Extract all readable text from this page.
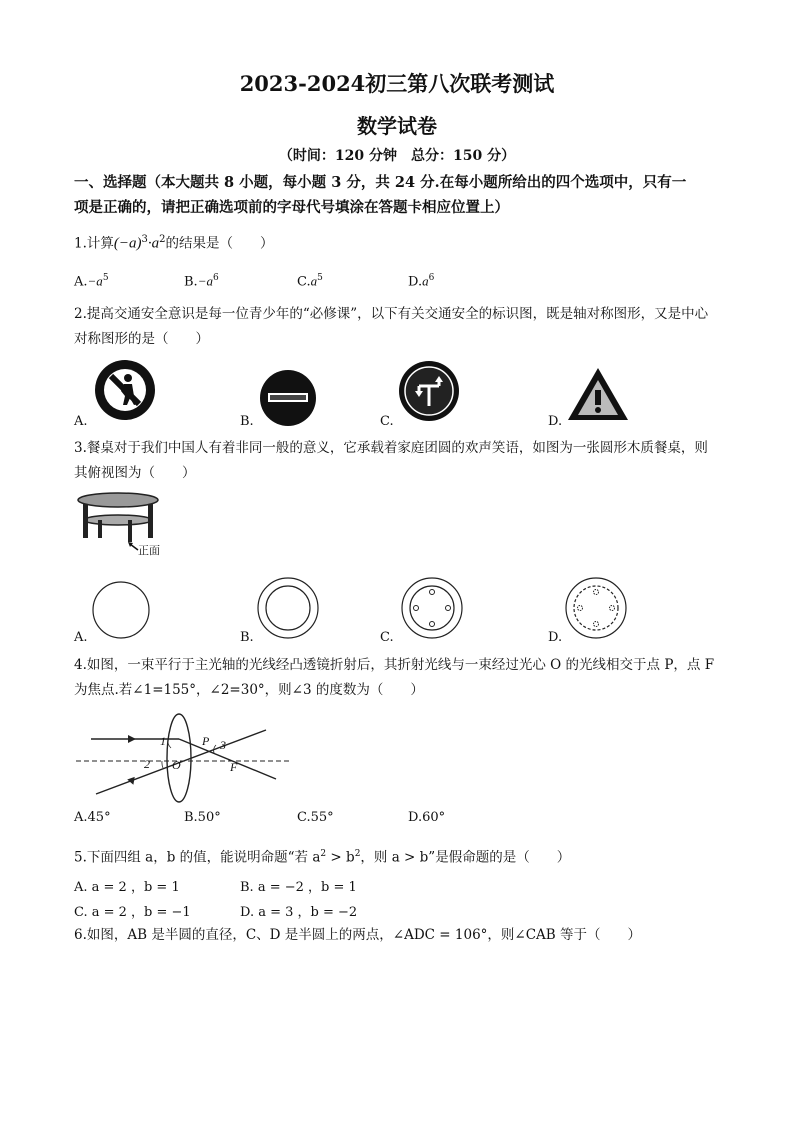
2023-2024初三第八次联考测试
数学试卷
（时间：120 分钟　总分：150 分）
一、选择题（本大题共 8 小题，每小题 3 分，共 24 分.在每小题所给出的四个选项中，只有一
项是正确的，请把正确选项前的字母代号填涂在答题卡相应位置上）
1.计算$(-a)^3\cdot a^2$的结果是（　　）
$A.-a^5$	$B.-a^6$	$C.a^5$	$D.a^6$
2.提高交通安全意识是每一位青少年的“必修课”，以下有关交通安全的标识图，既是轴对称图形，又是中心
对称图形的是（　　）
A.	B.	C.	D.
3.餐桌对于我们中国人有着非同一般的意义，它承载着家庭团圆的欢声笑语，如图为一张圆形木质餐桌，则
其俯视图为（　　）
正面
A.	B.	C.	D.
4.如图，一束平行于主光轴的光线经凸透镜折射后，其折射光线与一束经过光心 O 的光线相交于点 P，点 F
为焦点.若∠1=155°，∠2=30°，则∠3 的度数为（　　）
1
2
3
P
O	F
A.45°	B.50°	C.55°	D.60°
5.下面四组 a，b 的值，能说明命题“若 $a^2 > b^2$，则 a > b”是假命题的是（　　）
A. a = 2 ，b = 1	B. a = −2 ，b = 1
C. a = 2 ，b = −1	D. a = 3 ，b = −2
6.如图，AB 是半圆的直径，C、D 是半圆上的两点，∠ADC = 106°，则∠CAB 等于（　　）
